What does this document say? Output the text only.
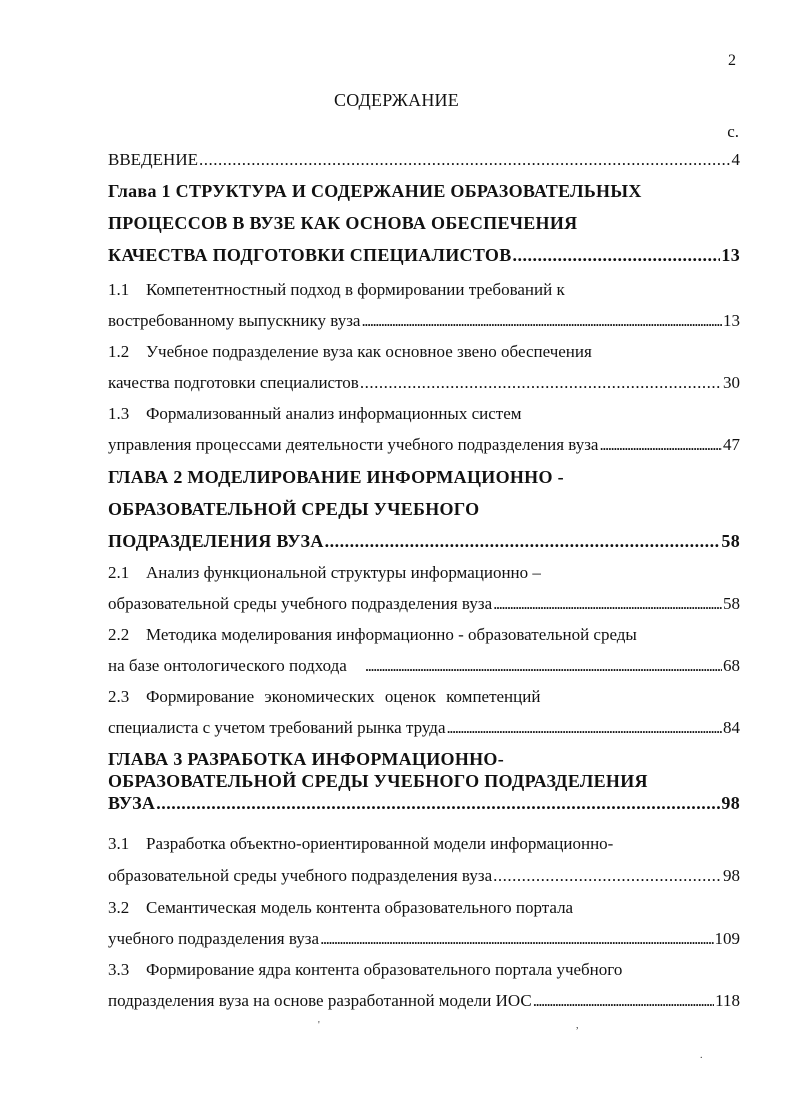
2
СОДЕРЖАНИЕ
с.
ВВЕДЕНИЕ .....	4
Глава 1 СТРУКТУРА И СОДЕРЖАНИЕ ОБРАЗОВАТЕЛЬНЫХ
ПРОЦЕССОВ В ВУЗЕ КАК ОСНОВА ОБЕСПЕЧЕНИЯ
КАЧЕСТВА ПОДГОТОВКИ СПЕЦИАЛИСТОВ .....	13
1.1 Компетентностный подход в формировании требований к
востребованному выпускнику вуза .....	13
1.2 Учебное подразделение вуза как основное звено обеспечения
качества подготовки специалистов .....	30
1.3 Формализованный анализ информационных систем
управления процессами деятельности учебного подразделения вуза .....	47
ГЛАВА 2 МОДЕЛИРОВАНИЕ ИНФОРМАЦИОННО -
ОБРАЗОВАТЕЛЬНОЙ СРЕДЫ УЧЕБНОГО
ПОДРАЗДЕЛЕНИЯ ВУЗА .....	58
2.1 Анализ функциональной структуры информационно –
образовательной среды учебного подразделения вуза .....	58
2.2 Методика моделирования информационно - образовательной среды
на базе онтологического подхода .....	68
2.3 Формирование экономических оценок компетенций
специалиста с учетом требований рынка труда .....	84
ГЛАВА 3 РАЗРАБОТКА ИНФОРМАЦИОННО-
ОБРАЗОВАТЕЛЬНОЙ СРЕДЫ УЧЕБНОГО ПОДРАЗДЕЛЕНИЯ
ВУЗА .....	98
3.1 Разработка объектно-ориентированной модели информационно-
образовательной среды учебного подразделения вуза .....	98
3.2 Семантическая модель контента образовательного портала
учебного подразделения вуза .....	109
3.3 Формирование ядра контента образовательного портала учебного
подразделения вуза на основе разработанной модели ИОС .....	118
'	,
.
